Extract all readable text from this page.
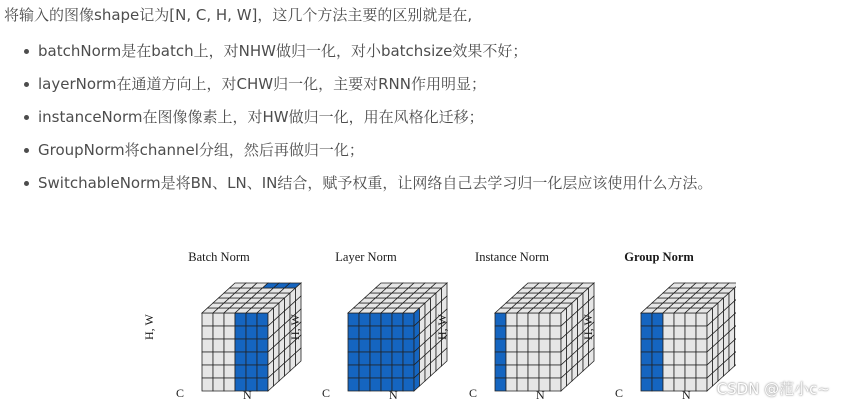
将输入的图像shape记为[N, C, H, W]，这几个方法主要的区别就是在,
batchNorm是在batch上，对NHW做归一化，对小batchsize效果不好；
layerNorm在通道方向上，对CHW归一化，主要对RNN作用明显；
instanceNorm在图像像素上，对HW做归一化，用在风格化迁移；
GroupNorm将channel分组，然后再做归一化；
SwitchableNorm是将BN、LN、IN结合，赋予权重，让网络自己去学习归一化层应该使用什么方法。
Batch Norm	Layer Norm	Instance Norm	Group Norm
H, W	H, W	H, W	H, W
C	C	C	C
N	N	N	N CSDN @范小c~
